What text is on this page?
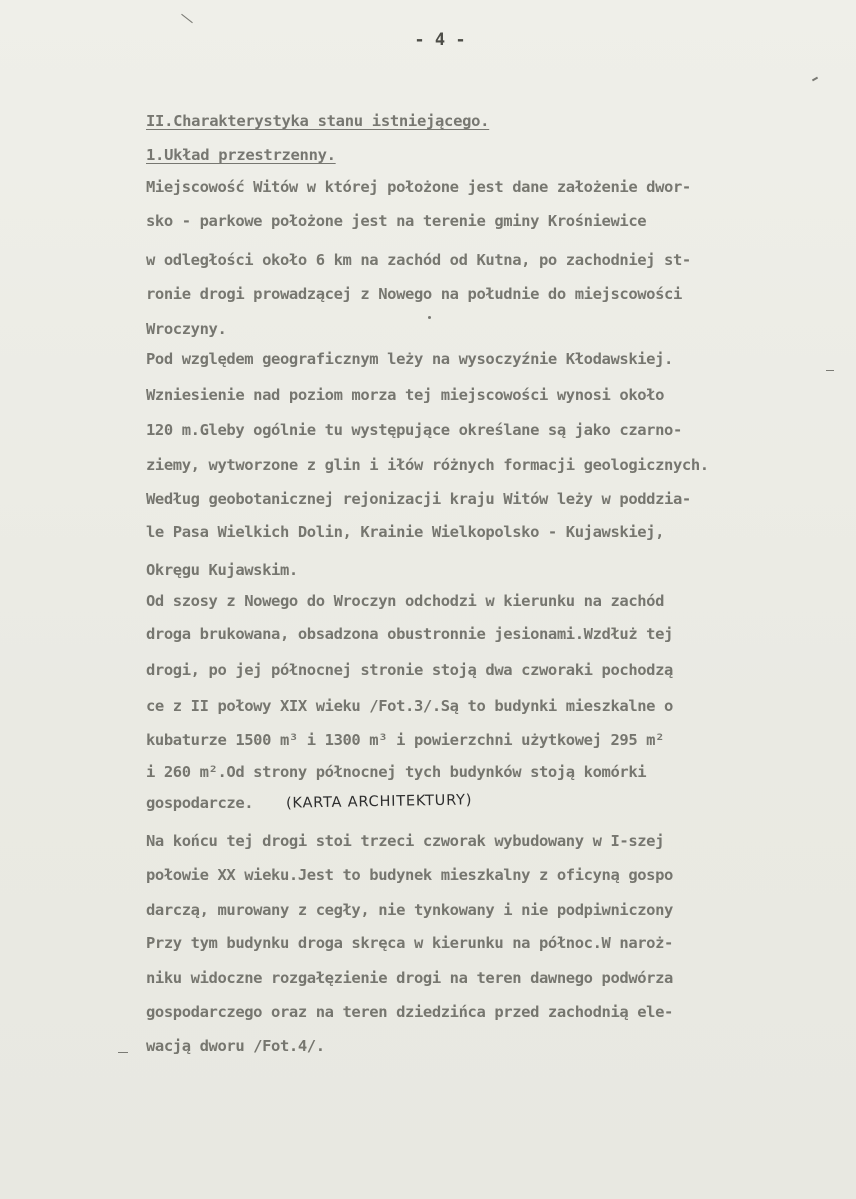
- 4 -
II.Charakterystyka stanu istniejącego.
1.Układ przestrzenny.
Miejscowość Witów w której położone jest dane założenie dwor-
sko - parkowe położone jest na terenie gminy Krośniewice
w odległości około 6 km na zachód od Kutna, po zachodniej st-
ronie drogi prowadzącej z Nowego na południe do miejscowości
Wroczyny.
Pod względem geograficznym leży na wysoczyźnie Kłodawskiej.
Wzniesienie nad poziom morza tej miejscowości wynosi około
120 m.Gleby ogólnie tu występujące określane są jako czarno-
ziemy, wytworzone z glin i iłów różnych formacji geologicznych.
Według geobotanicznej rejonizacji kraju Witów leży w poddzia-
le Pasa Wielkich Dolin, Krainie Wielkopolsko - Kujawskiej,
Okręgu Kujawskim.
Od szosy z Nowego do Wroczyn odchodzi w kierunku na zachód
droga brukowana, obsadzona obustronnie jesionami.Wzdłuż tej
drogi, po jej północnej stronie stoją dwa czworaki pochodzą
ce z II połowy XIX wieku /Fot.3/.Są to budynki mieszkalne o
kubaturze 1500 m³ i 1300 m³ i powierzchni użytkowej 295 m²
i 260 m².Od strony północnej tych budynków stoją komórki
gospodarcze.
Na końcu tej drogi stoi trzeci czworak wybudowany w I-szej
połowie XX wieku.Jest to budynek mieszkalny z oficyną gospo
darczą, murowany z cegły, nie tynkowany i nie podpiwniczony
Przy tym budynku droga skręca w kierunku na północ.W naroż-
niku widoczne rozgałęzienie drogi na teren dawnego podwórza
gospodarczego oraz na teren dziedzińca przed zachodnią ele-
wacją dworu /Fot.4/.
(KARTA ARCHITEKTURY)
